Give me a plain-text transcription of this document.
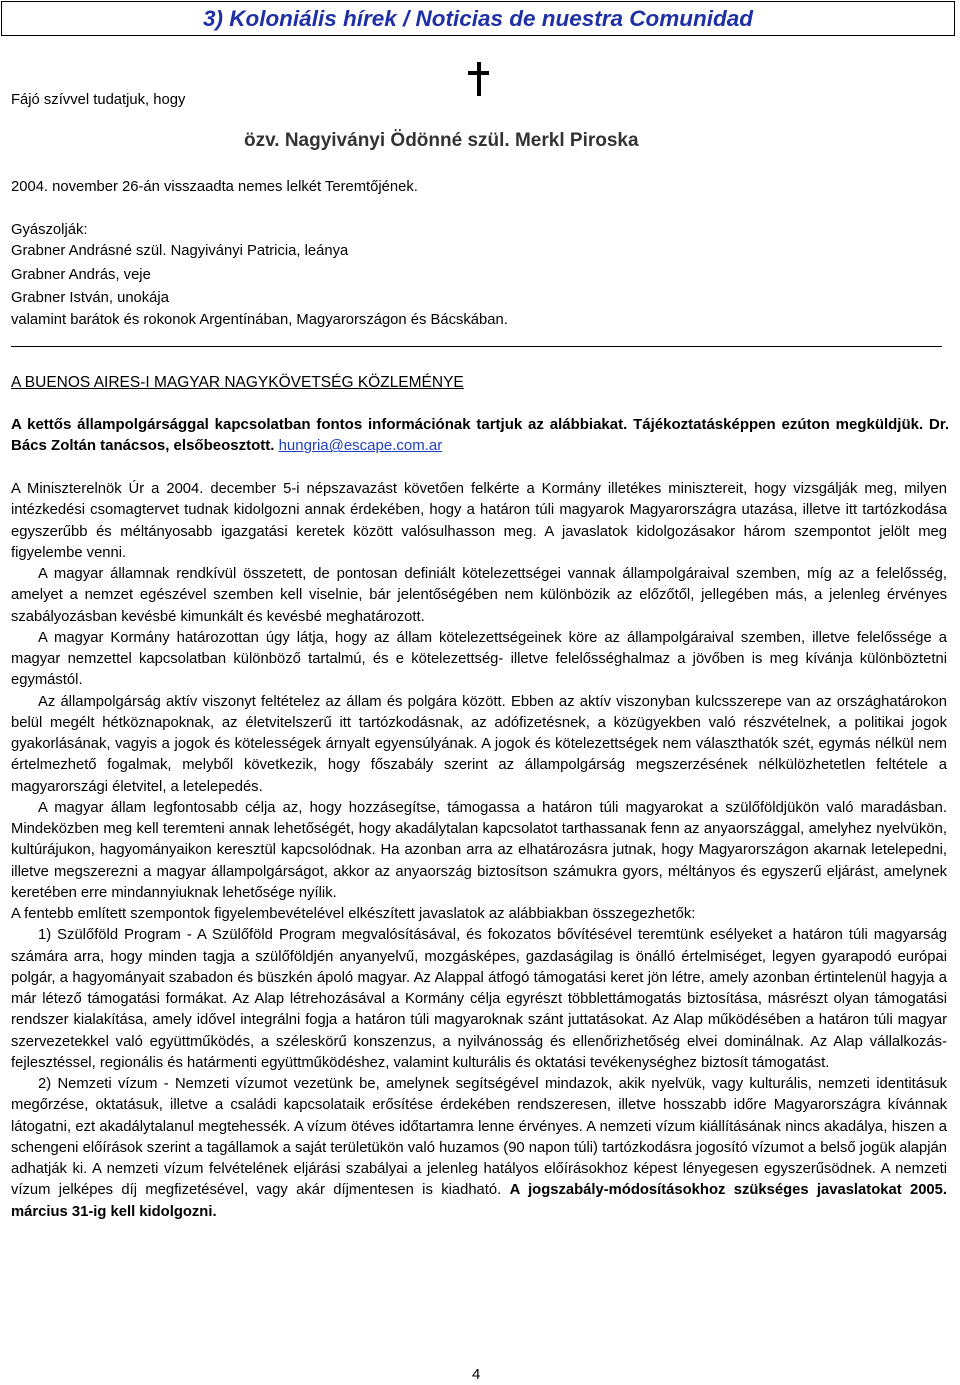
3) Koloniális hírek / Noticias de nuestra Comunidad
Fájó szívvel tudatjuk, hogy
özv. Nagyiványi Ödönné szül. Merkl Piroska
2004. november 26-án visszaadta nemes lelkét Teremtőjének.
Gyászolják:
Grabner Andrásné szül. Nagyiványi Patricia, leánya
Grabner András, veje
Grabner István, unokája
valamint barátok és rokonok Argentínában, Magyarországon és Bácskában.
A BUENOS AIRES-I MAGYAR NAGYKÖVETSÉG KÖZLEMÉNYE
A kettős állampolgársággal kapcsolatban fontos információnak tartjuk az alábbiakat. Tájékoztatásképpen ezúton megküldjük. Dr. Bács Zoltán tanácsos, elsőbeosztott. hungria@escape.com.ar

A Miniszterelnök Úr a 2004. december 5-i népszavazást követően felkérte a Kormány illetékes minisztereit, hogy vizsgálják meg, milyen intézkedési csomagtervet tudnak kidolgozni annak érdekében, hogy a határon túli magyarok Magyarországra utazása, illetve itt tartózkodása egyszerűbb és méltányosabb igazgatási keretek között valósulhasson meg. A javaslatok kidolgozásakor három szempontot jelölt meg figyelembe venni.

A magyar államnak rendkívül összetett, de pontosan definiált kötelezettségei vannak állampolgáraival szemben, míg az a felelősség, amelyet a nemzet egészével szemben kell viselnie, bár jelentőségében nem különbözik az előzőtől, jellegében más, a jelenleg érvényes szabályozásban kevésbé kimunkált és kevésbé meghatározott.

A magyar Kormány határozottan úgy látja, hogy az állam kötelezettségeinek köre az állampolgáraival szemben, illetve felelőssége a magyar nemzettel kapcsolatban különböző tartalmú, és e kötelezettség- illetve felelősséghalmaz a jövőben is meg kívánja különböztetni egymástól.

Az állampolgárság aktív viszonyt feltételez az állam és polgára között. Ebben az aktív viszonyban kulcsszerepe van az országhatárokon belül megélt hétköznapoknak, az életvitelszerű itt tartózkodásnak, az adófizetésnek, a közügyekben való részvételnek, a politikai jogok gyakorlásának, vagyis a jogok és kötelességek árnyalt egyensúlyának. A jogok és kötelezettségek nem választhatók szét, egymás nélkül nem értelmezhető fogalmak, melyből következik, hogy főszabály szerint az állampolgárság megszerzésének nélkülözhetetlen feltétele a magyarországi életvitel, a letelepedés.

A magyar állam legfontosabb célja az, hogy hozzásegítse, támogassa a határon túli magyarokat a szülőföldjükön való maradásban. Mindeközben meg kell teremteni annak lehetőségét, hogy akadálytalan kapcsolatot tarthassanak fenn az anyaországgal, amelyhez nyelvükön, kultúrájukon, hagyományaikon keresztül kapcsolódnak. Ha azonban arra az elhatározásra jutnak, hogy Magyarországon akarnak letelepedni, illetve megszerezni a magyar állampolgárságot, akkor az anyaország biztosítson számukra gyors, méltányos és egyszerű eljárást, amelynek keretében erre mindannyiuknak lehetősége nyílik.

A fentebb említett szempontok figyelembevételével elkészített javaslatok az alábbiakban összegezhetők:

1) Szülőföld Program - A Szülőföld Program megvalósításával, és fokozatos bővítésével teremtünk esélyeket a határon túli magyarság számára arra, hogy minden tagja a szülőföldjén anyanyelvű, mozgásképes, gazdaságilag is önálló értelmiséget, legyen gyarapodó európai polgár, a hagyományait szabadon és büszkén ápoló magyar. Az Alappal átfogó támogatási keret jön létre, amely azonban értintelenül hagyja a már létező támogatási formákat. Az Alap létrehozásával a Kormány célja egyrészt többlettámogatás biztosítása, másrészt olyan támogatási rendszer kialakítása, amely idővel integrálni fogja a határon túli magyaroknak szánt juttatásokat. Az Alap működésében a határon túli magyar szervezetekkel való együttműködés, a széleskörű konszenzus, a nyilvánosság és ellenőrizhetőség elvei dominálnak. Az Alap vállalkozás-fejlesztéssel, regionális és határmenti együttműködéshez, valamint kulturális és oktatási tevékenységhez biztosít támogatást.

2) Nemzeti vízum - Nemzeti vízumot vezetünk be, amelynek segítségével mindazok, akik nyelvük, vagy kulturális, nemzeti identitásuk megőrzése, oktatásuk, illetve a családi kapcsolataik erősítése érdekében rendszeresen, illetve hosszabb időre Magyarországra kívánnak látogatni, ezt akadálytalanul megtehessék. A vízum ötéves időtartamra lenne érvényes. A nemzeti vízum kiállításának nincs akadálya, hiszen a schengeni előírások szerint a tagállamok a saját területükön való huzamos (90 napon túli) tartózkodásra jogosító vízumot a belső jogük alapján adhatják ki. A nemzeti vízum felvételének eljárási szabályai a jelenleg hatályos előírásokhoz képest lényegesen egyszerűsödnek. A nemzeti vízum jelképes díj megfizetésével, vagy akár díjmentesen is kiadható. A jogszabály-módosításokhoz szükséges javaslatokat 2005. március 31-ig kell kidolgozni.

4
